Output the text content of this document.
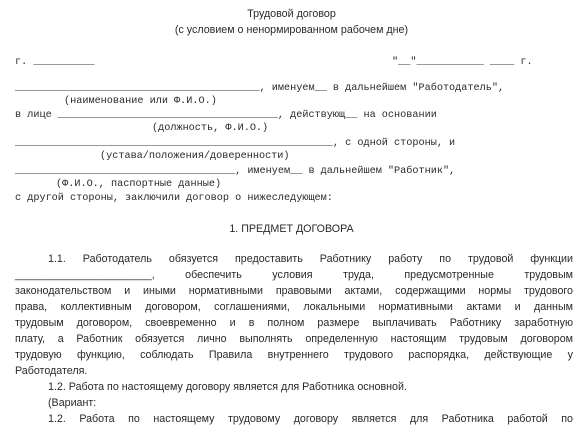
Трудовой договор
(с условием о ненормированном рабочем дне)
г. __________	"__"___________ ____ г.
________________________________________, именуем__ в дальнейшем "Работодатель",
(наименование или Ф.И.О.)
в лице ____________________________________, действующ__ на основании
(должность, Ф.И.О.)
____________________________________________________, с одной стороны, и
(устава/положения/доверенности)
____________________________________, именуем__ в дальнейшем "Работник",
(Ф.И.О., паспортные данные)
с другой стороны, заключили договор о нижеследующем:
1. ПРЕДМЕТ ДОГОВОРА
1.1. Работодатель обязуется предоставить Работнику работу по трудовой функции
_______________________, обеспечить условия труда, предусмотренные трудовым
законодательством и иными нормативными правовыми актами, содержащими нормы трудового
права, коллективным договором, соглашениями, локальными нормативными актами и данным
трудовым договором, своевременно и в полном размере выплачивать Работнику заработную
плату, а Работник обязуется лично выполнять определенную настоящим трудовым договором
трудовую функцию, соблюдать Правила внутреннего трудового распорядка, действующие у
Работодателя.
1.2. Работа по настоящему договору является для Работника основной.
(Вариант:
1.2. Работа по настоящему трудовому договору является для Работника работой по
